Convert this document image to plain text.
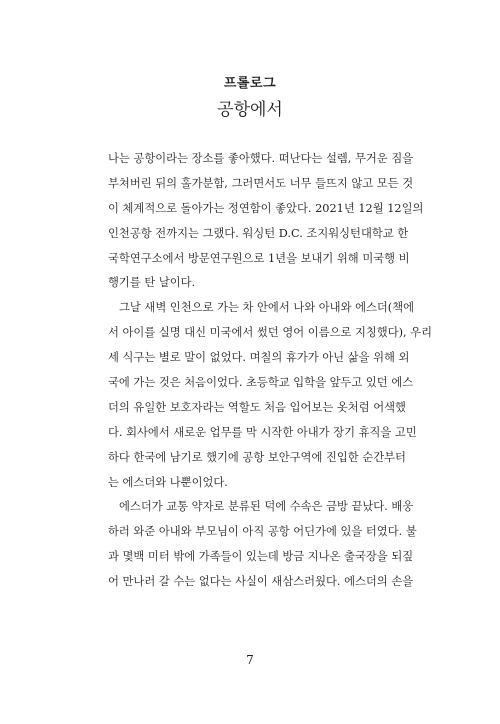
프롤로그
공항에서
나는 공항이라는 장소를 좋아했다. 떠난다는 설렘, 무거운 짐을
부쳐버린 뒤의 홀가분함, 그러면서도 너무 들뜨지 않고 모든 것
이 체계적으로 돌아가는 정연함이 좋았다. 2021년 12월 12일의
인천공항 전까지는 그랬다. 워싱턴 D.C. 조지워싱턴대학교 한
국학연구소에서 방문연구원으로 1년을 보내기 위해 미국행 비
행기를 탄 날이다.
그날 새벽 인천으로 가는 차 안에서 나와 아내와 에스더(책에
서 아이를 실명 대신 미국에서 썼던 영어 이름으로 지칭했다), 우리
세 식구는 별로 말이 없었다. 며칠의 휴가가 아닌 삶을 위해 외
국에 가는 것은 처음이었다. 초등학교 입학을 앞두고 있던 에스
더의 유일한 보호자라는 역할도 처음 입어보는 옷처럼 어색했
다. 회사에서 새로운 업무를 막 시작한 아내가 장기 휴직을 고민
하다 한국에 남기로 했기에 공항 보안구역에 진입한 순간부터
는 에스더와 나뿐이었다.
에스더가 교통 약자로 분류된 덕에 수속은 금방 끝났다. 배웅
하러 와준 아내와 부모님이 아직 공항 어딘가에 있을 터였다. 불
과 몇백 미터 밖에 가족들이 있는데 방금 지나온 출국장을 되짚
어 만나러 갈 수는 없다는 사실이 새삼스러웠다. 에스더의 손을
7
